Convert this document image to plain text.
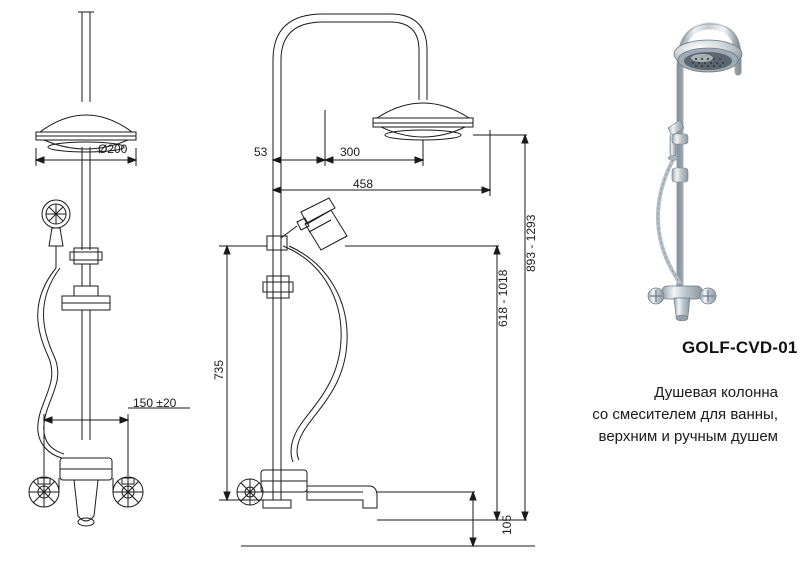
Ø200
150 ±20
53	300
458
735
893 - 1293
618 - 1018
105
GOLF-CVD-01
Душевая колонна
со смесителем для ванны,
верхним и ручным душем
